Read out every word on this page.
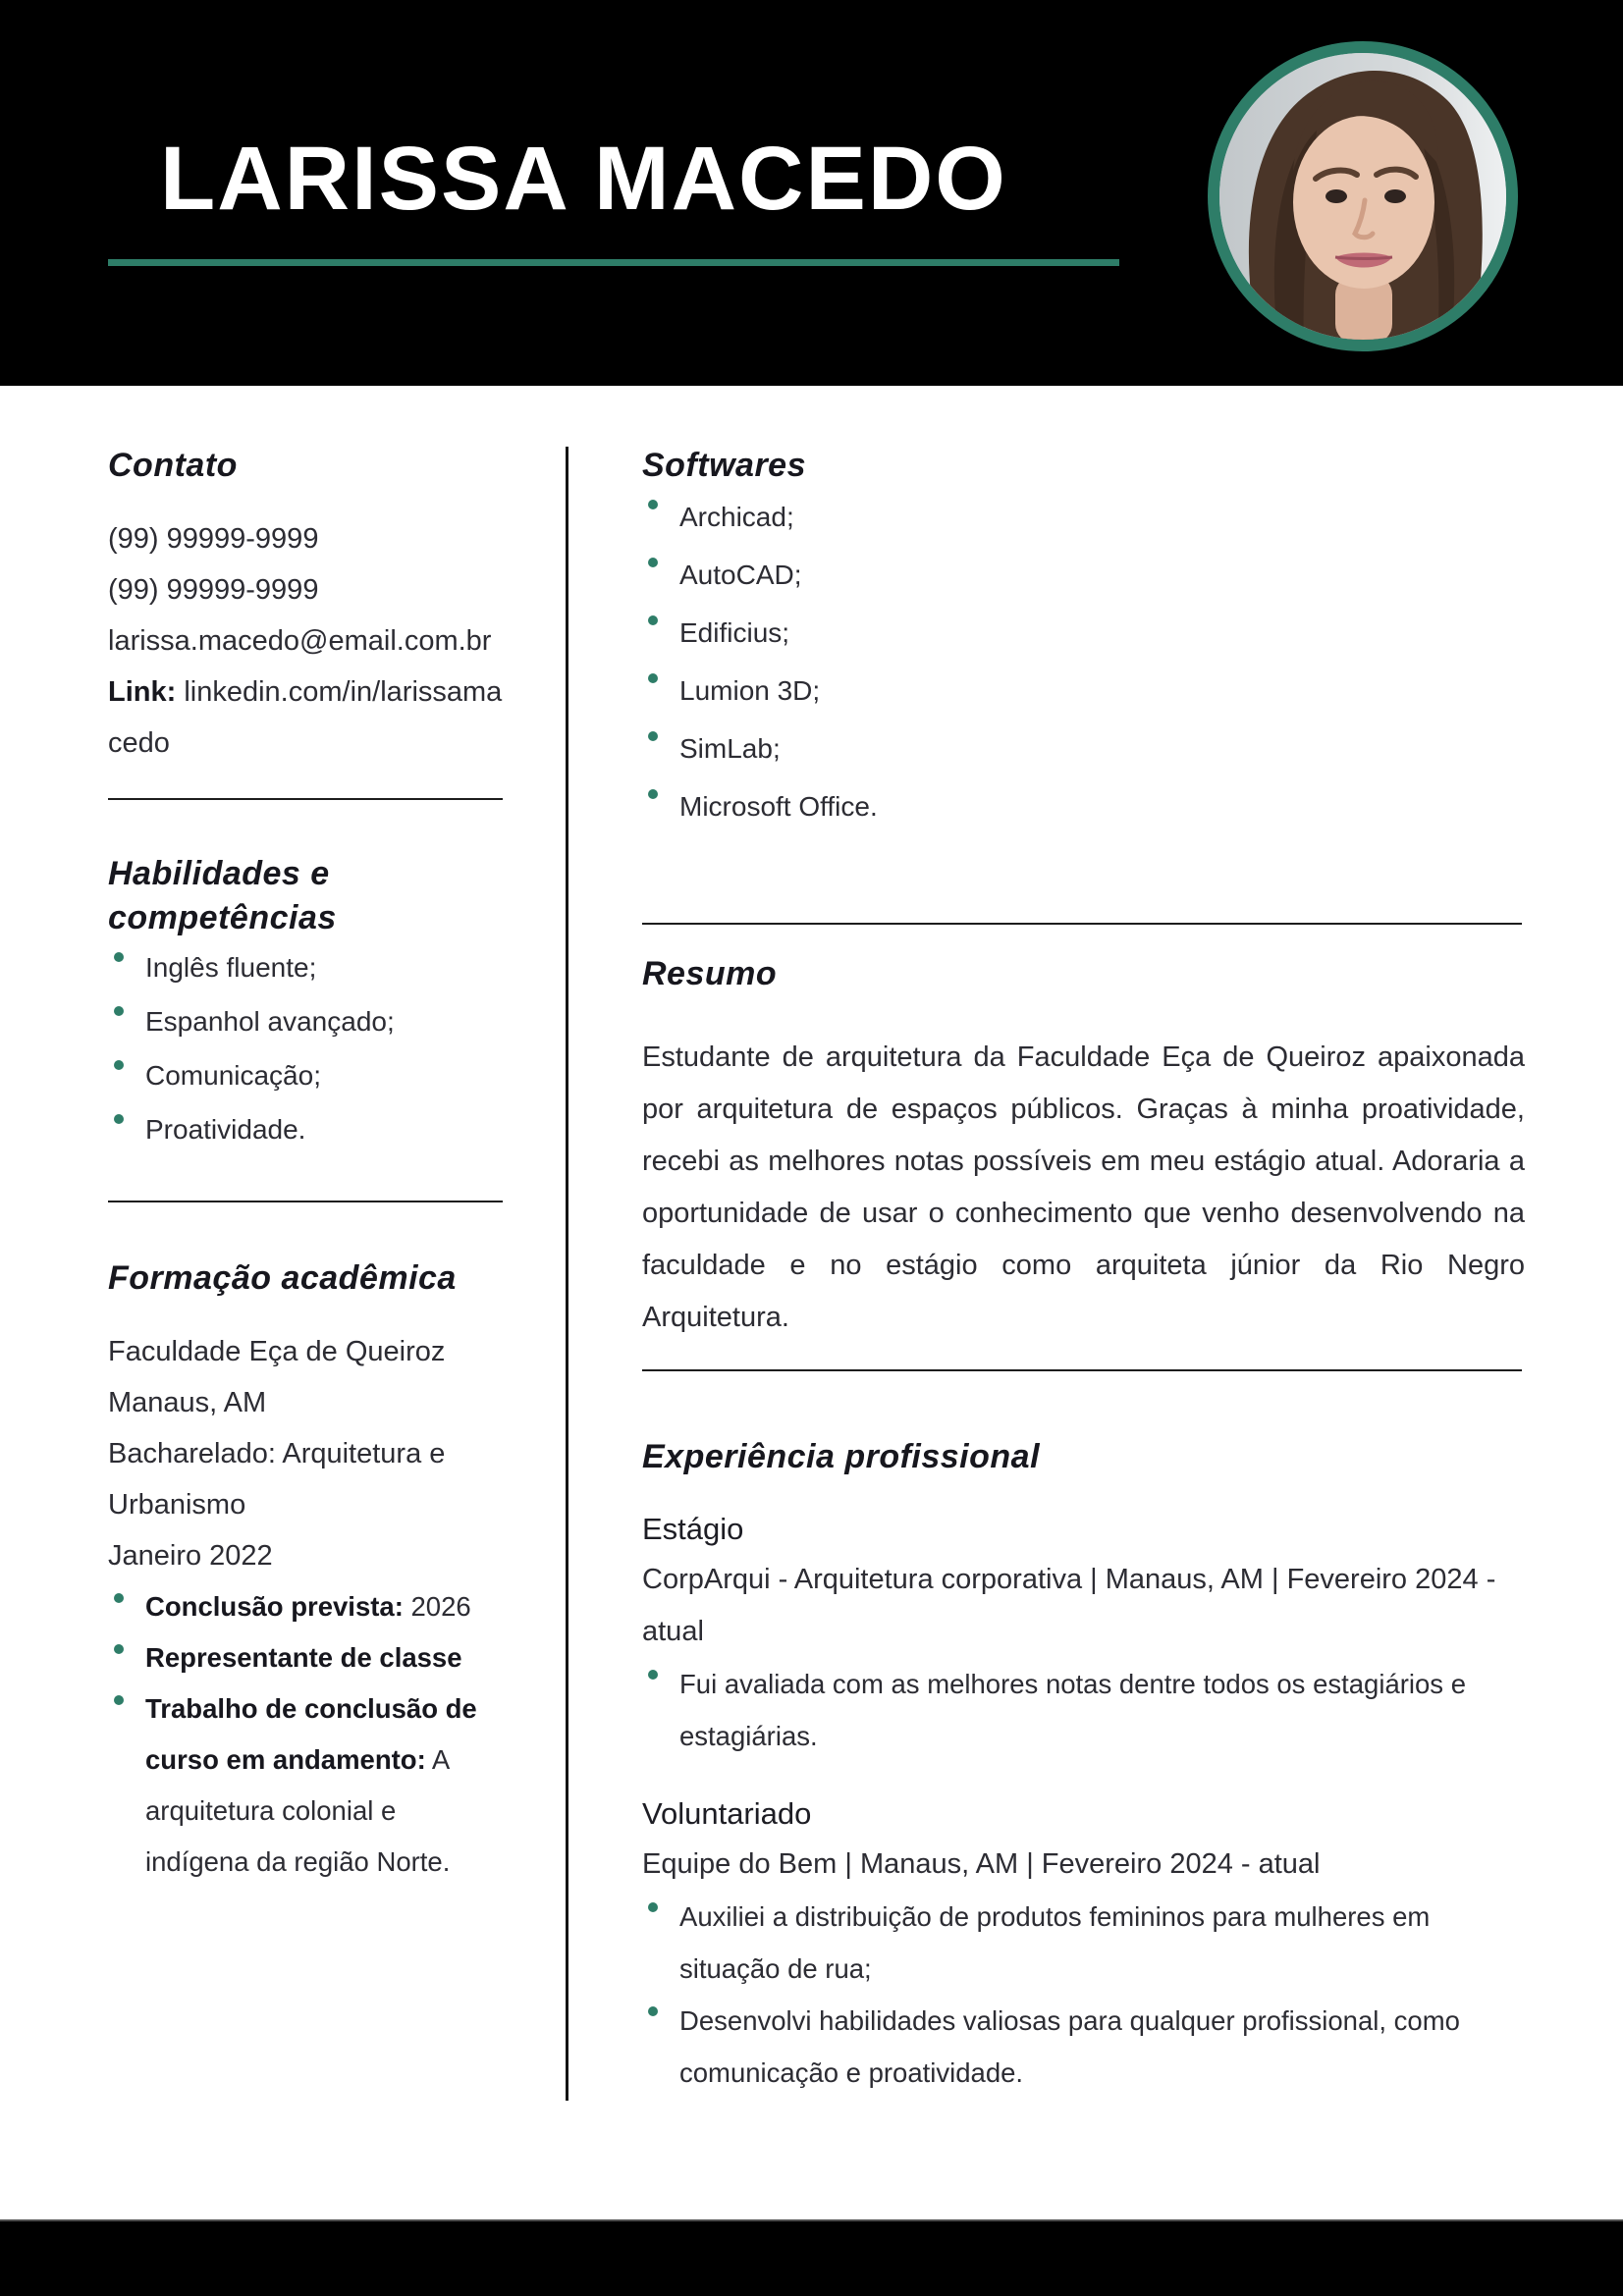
LARISSA MACEDO
Contato
(99) 99999-9999
(99) 99999-9999
larissa.macedo@email.com.br
Link: linkedin.com/in/larissamacedo
Habilidades e competências
Inglês fluente;
Espanhol avançado;
Comunicação;
Proatividade.
Formação acadêmica
Faculdade Eça de Queiroz
Manaus, AM
Bacharelado: Arquitetura e Urbanismo
Janeiro 2022
Conclusão prevista: 2026
Representante de classe
Trabalho de conclusão de curso em andamento: A arquitetura colonial e indígena da região Norte.
Softwares
Archicad;
AutoCAD;
Edificius;
Lumion 3D;
SimLab;
Microsoft Office.
Resumo

Estudante de arquitetura da Faculdade Eça de Queiroz apaixonada por arquitetura de espaços públicos. Graças à minha proatividade, recebi as melhores notas possíveis em meu estágio atual. Adoraria a oportunidade de usar o conhecimento que venho desenvolvendo na faculdade e no estágio como arquiteta júnior da Rio Negro Arquitetura.

Experiência profissional
Estágio

CorpArqui - Arquitetura corporativa | Manaus, AM | Fevereiro 2024 - atual

Fui avaliada com as melhores notas dentre todos os estagiários e estagiárias.
Voluntariado

Equipe do Bem | Manaus, AM | Fevereiro 2024 - atual

Auxiliei a distribuição de produtos femininos para mulheres em situação de rua;
Desenvolvi habilidades valiosas para qualquer profissional, como comunicação e proatividade.
